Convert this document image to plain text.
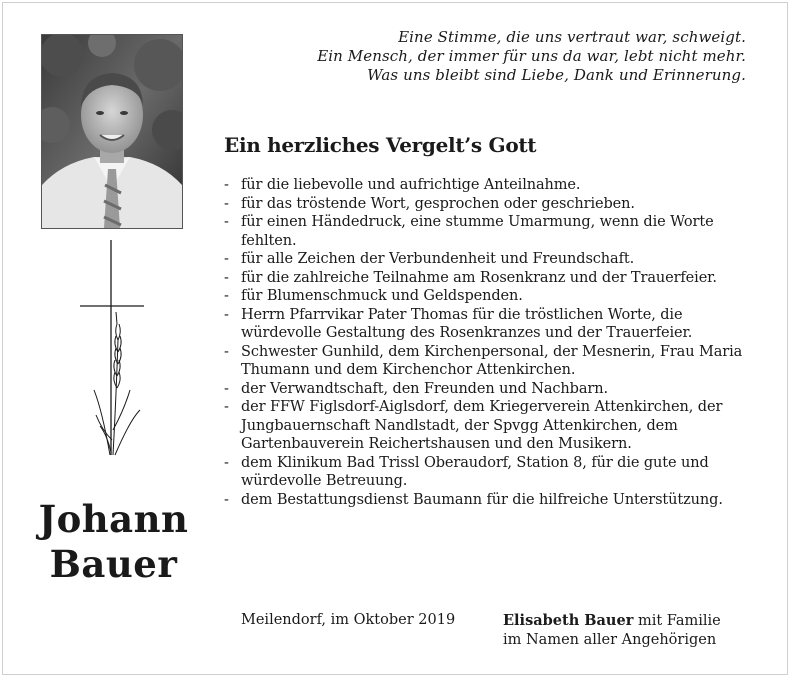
Eine Stimme, die uns vertraut war, schweigt.
Ein Mensch, der immer für uns da war, lebt nicht mehr.
Was uns bleibt sind Liebe, Dank und Erinnerung.
Johann
Bauer
Ein herzliches Vergelt’s Gott
- für die liebevolle und aufrichtige Anteilnahme.
- für das tröstende Wort, gesprochen oder geschrieben.
- für einen Händedruck, eine stumme Umarmung, wenn die Worte fehlten.
- für alle Zeichen der Verbundenheit und Freundschaft.
- für die zahlreiche Teilnahme am Rosenkranz und der Trauerfeier.
- für Blumenschmuck und Geldspenden.
- Herrn Pfarrvikar Pater Thomas für die tröstlichen Worte, die würdevolle Gestaltung des Rosenkranzes und der Trauerfeier.
- Schwester Gunhild, dem Kirchenpersonal, der Mesnerin, Frau Maria Thumann und dem Kirchenchor Attenkirchen.
- der Verwandtschaft, den Freunden und Nachbarn.
- der FFW Figlsdorf-Aiglsdorf, dem Kriegerverein Attenkirchen, der Jungbauernschaft Nandlstadt, der Spvgg Attenkirchen, dem Gartenbauverein Reichertshausen und den Musikern.
- dem Klinikum Bad Trissl Oberaudorf, Station 8, für die gute und würdevolle Betreuung.
- dem Bestattungsdienst Baumann für die hilfreiche Unterstützung.
Meilendorf, im Oktober 2019	Elisabeth Bauer mit Familie
im Namen aller Angehörigen
